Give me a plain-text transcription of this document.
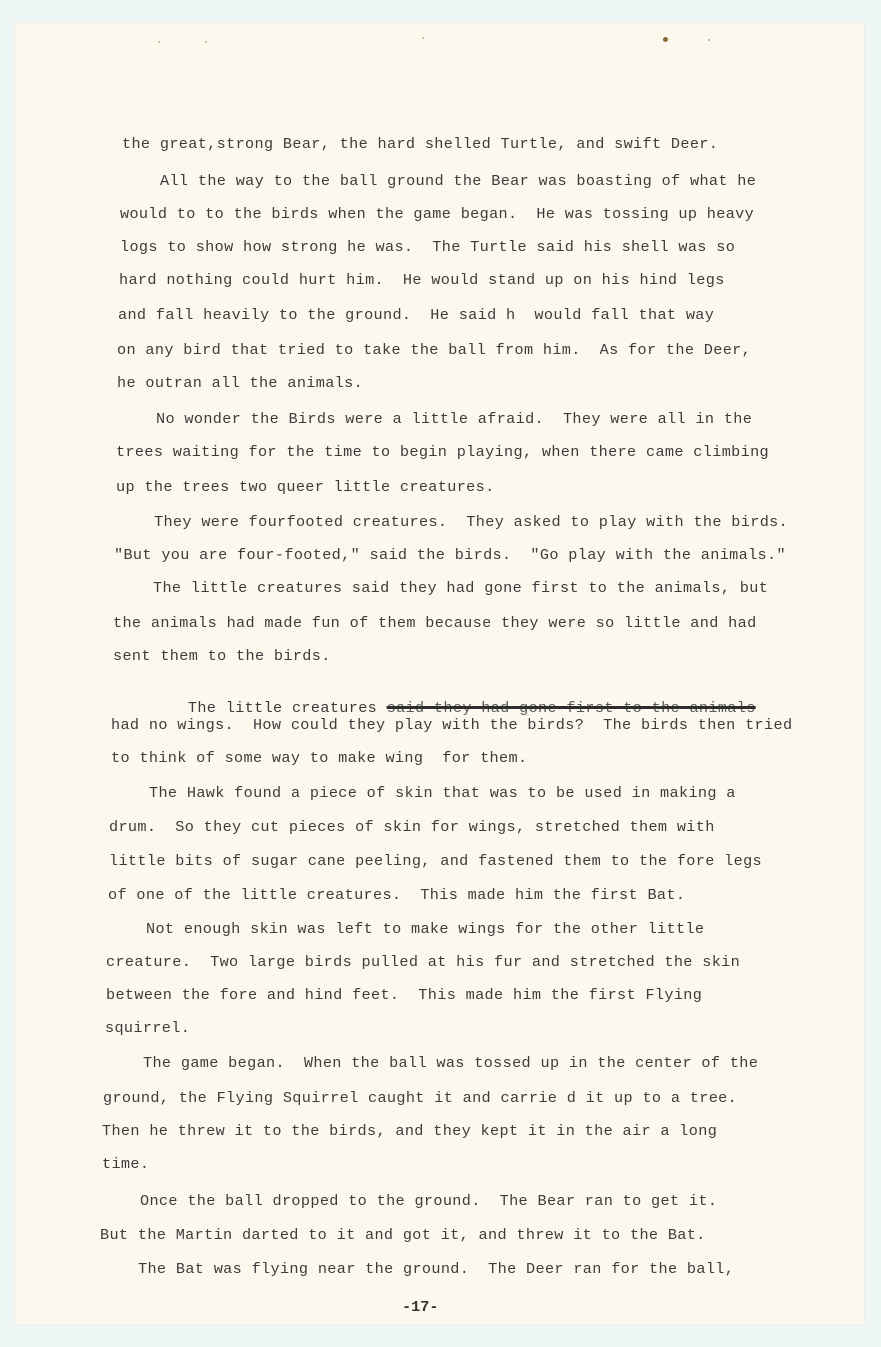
the great,strong Bear, the hard shelled Turtle, and swift Deer.
All the way to the ball ground the Bear was boasting of what he
would to to the birds when the game began.  He was tossing up heavy
logs to show how strong he was.  The Turtle said his shell was so
hard nothing could hurt him.  He would stand up on his hind legs
and fall heavily to the ground.  He said h  would fall that way
on any bird that tried to take the ball from him.  As for the Deer,
he outran all the animals.
No wonder the Birds were a little afraid.  They were all in the
trees waiting for the time to begin playing, when there came climbing
up the trees two queer little creatures.
They were fourfooted creatures.  They asked to play with the birds.
"But you are four-footed," said the birds.  "Go play with the animals."
The little creatures said they had gone first to the animals, but
the animals had made fun of them because they were so little and had
sent them to the birds.

The little creatures said they had gone first to the animals

had no wings.  How could they play with the birds?  The birds then tried
to think of some way to make wing  for them.
The Hawk found a piece of skin that was to be used in making a
drum.  So they cut pieces of skin for wings, stretched them with
little bits of sugar cane peeling, and fastened them to the fore legs
of one of the little creatures.  This made him the first Bat.
Not enough skin was left to make wings for the other little
creature.  Two large birds pulled at his fur and stretched the skin
between the fore and hind feet.  This made him the first Flying
squirrel.
The game began.  When the ball was tossed up in the center of the
ground, the Flying Squirrel caught it and carrie d it up to a tree.
Then he threw it to the birds, and they kept it in the air a long
time.
Once the ball dropped to the ground.  The Bear ran to get it.
But the Martin darted to it and got it, and threw it to the Bat.
The Bat was flying near the ground.  The Deer ran for the ball,
-17-
